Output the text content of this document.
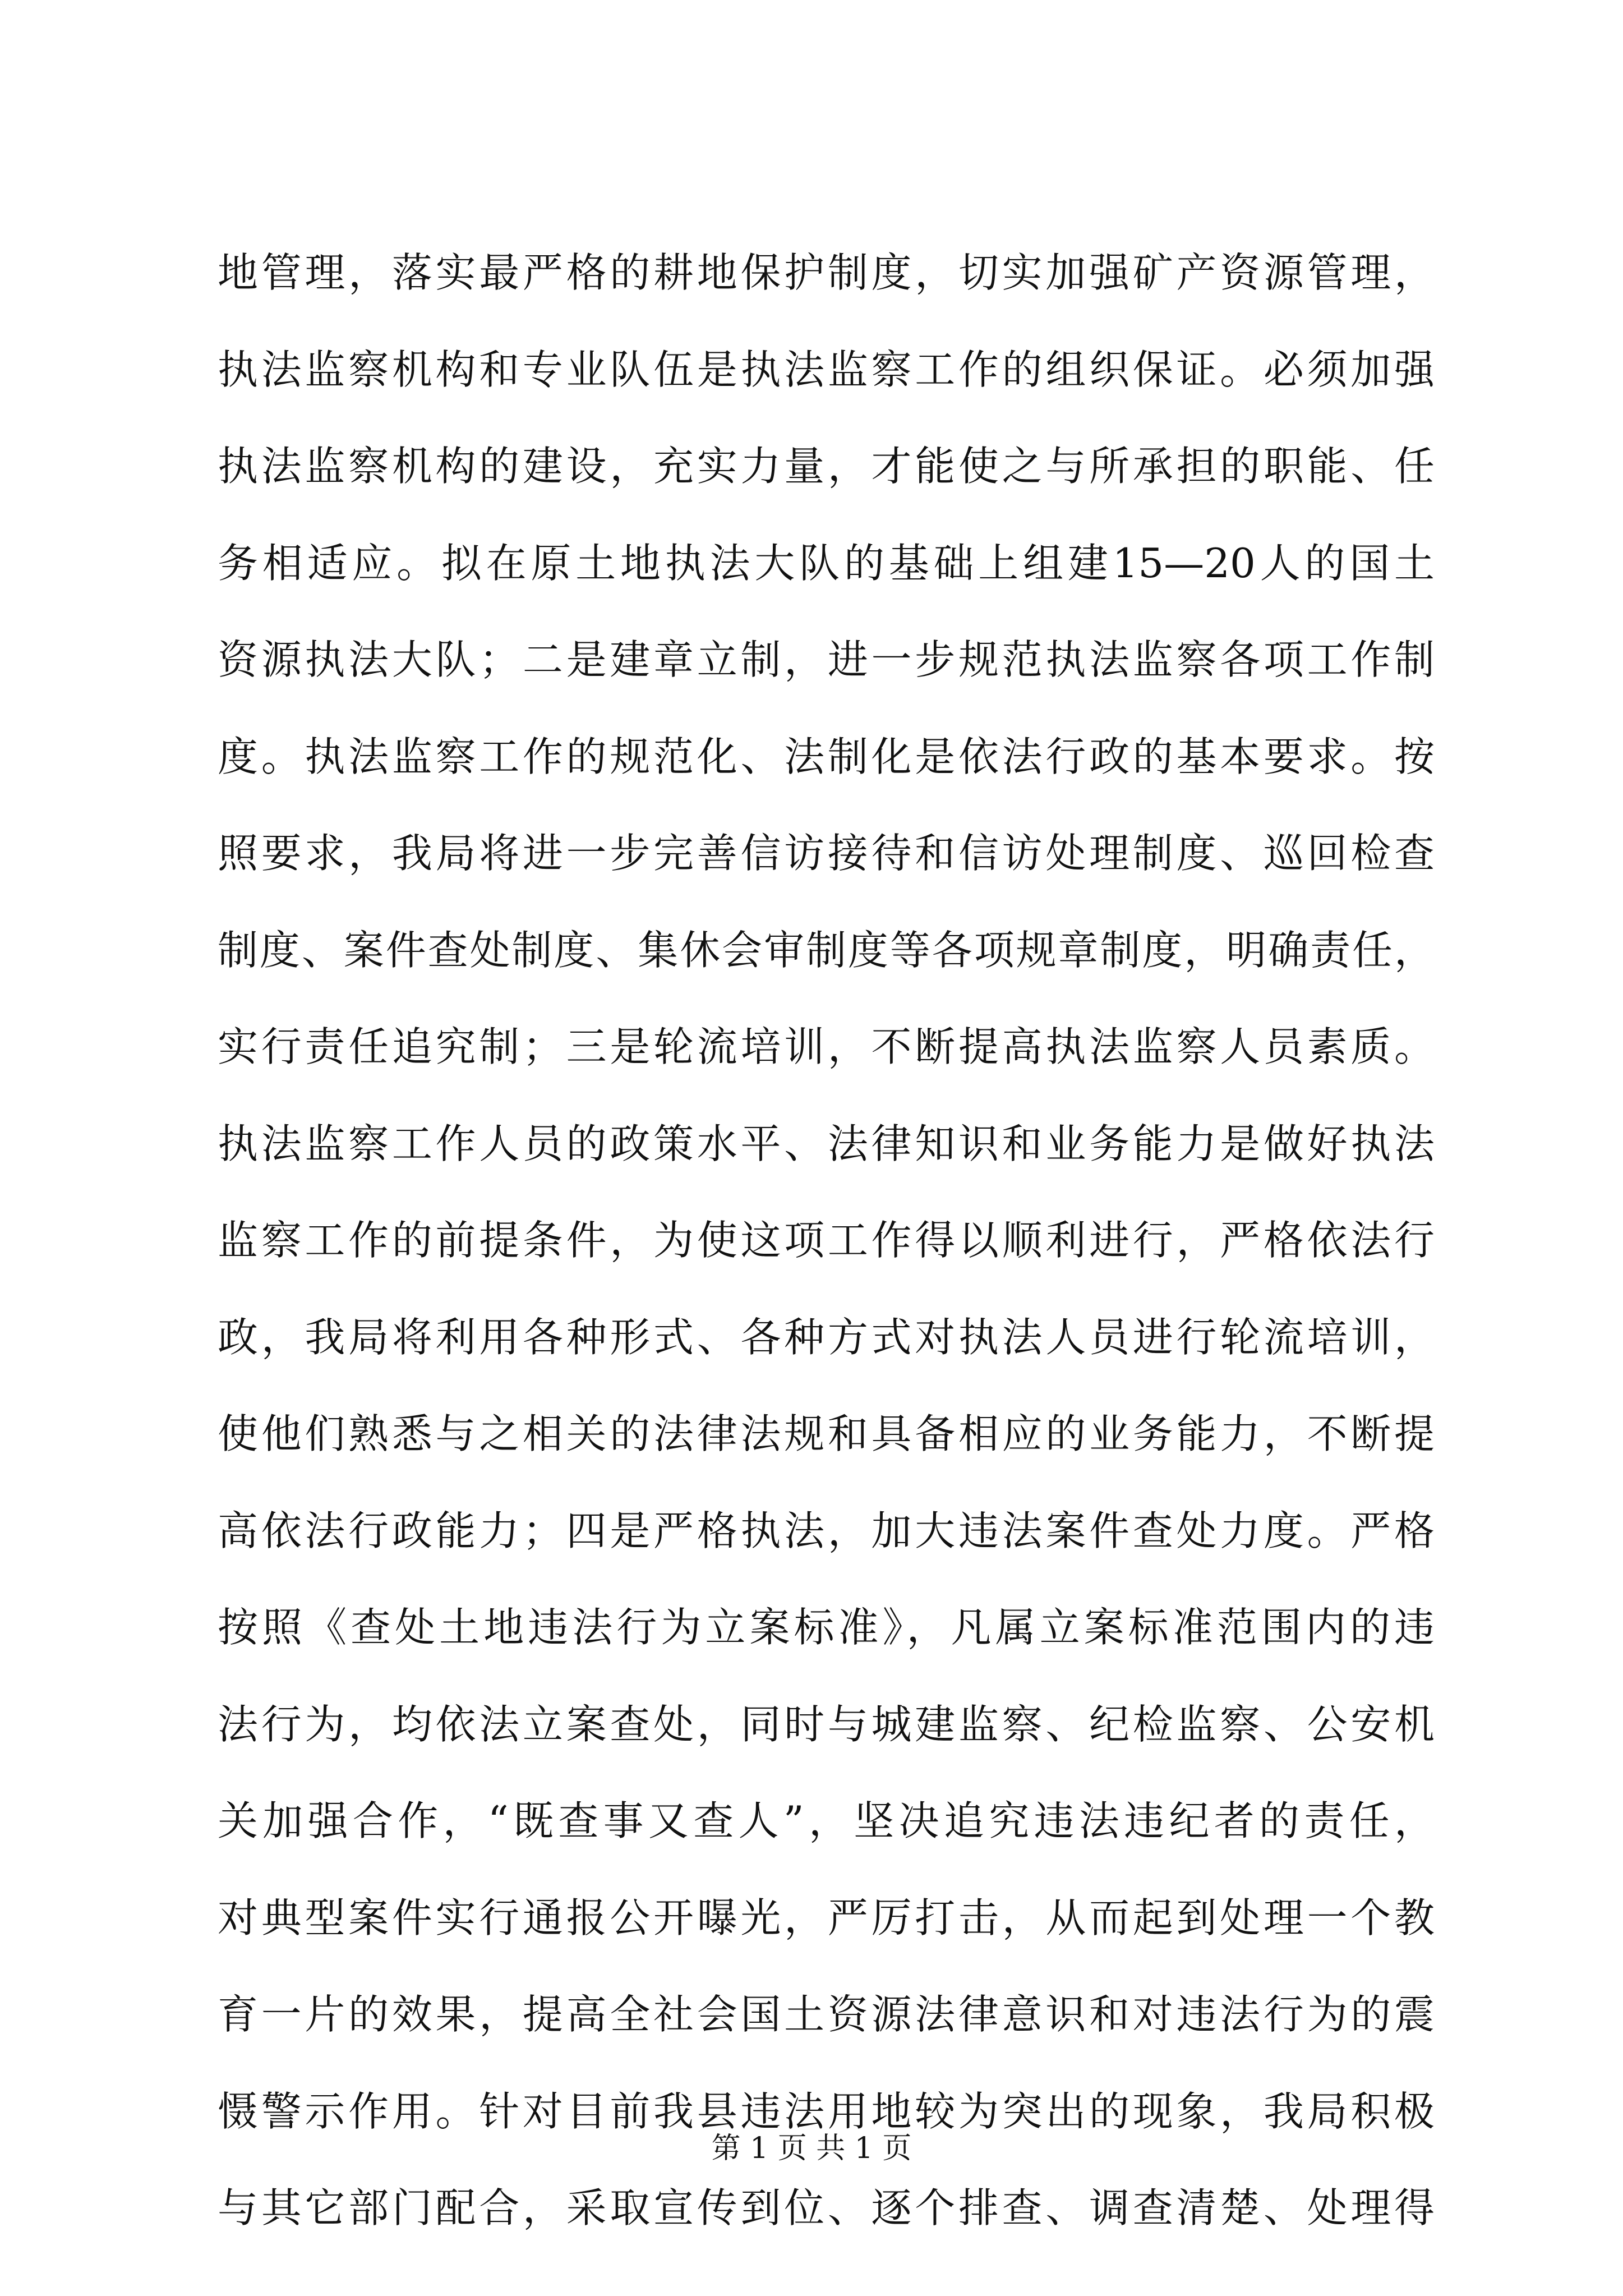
地管理，落实最严格的耕地保护制度，切实加强矿产资源管理，
执法监察机构和专业队伍是执法监察工作的组织保证。必须加强
执法监察机构的建设，充实力量，才能使之与所承担的职能、任
务相适应。拟在原土地执法大队的基础上组建15—20人的国土
资源执法大队；二是建章立制，进一步规范执法监察各项工作制
度。执法监察工作的规范化、法制化是依法行政的基本要求。按
照要求，我局将进一步完善信访接待和信访处理制度、巡回检查
制度、案件查处制度、集休会审制度等各项规章制度，明确责任，
实行责任追究制；三是轮流培训，不断提高执法监察人员素质。
执法监察工作人员的政策水平、法律知识和业务能力是做好执法
监察工作的前提条件，为使这项工作得以顺利进行，严格依法行
政，我局将利用各种形式、各种方式对执法人员进行轮流培训，
使他们熟悉与之相关的法律法规和具备相应的业务能力，不断提
高依法行政能力；四是严格执法，加大违法案件查处力度。严格
按照《查处土地违法行为立案标准》，凡属立案标准范围内的违
法行为，均依法立案查处，同时与城建监察、纪检监察、公安机
关加强合作，“既查事又查人”，坚决追究违法违纪者的责任，
对典型案件实行通报公开曝光，严厉打击，从而起到处理一个教
育一片的效果，提高全社会国土资源法律意识和对违法行为的震
慑警示作用。针对目前我县违法用地较为突出的现象，我局积极
与其它部门配合，采取宣传到位、逐个排查、调查清楚、处理得
第 1 页 共 1 页
